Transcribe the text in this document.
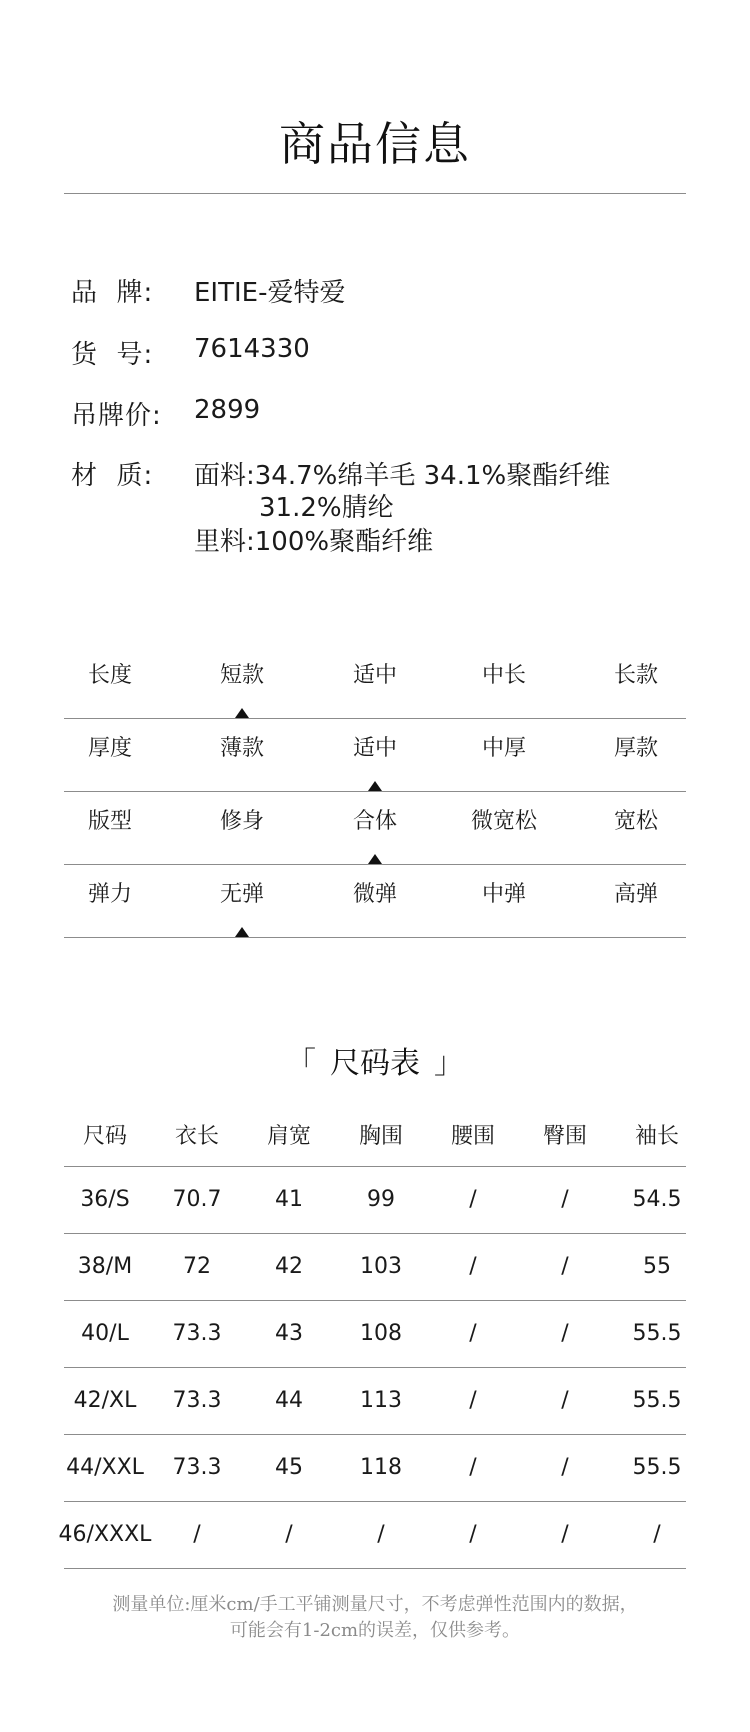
商品信息
品  牌: EITIE-爱特爱
货  号: 7614330
吊牌价: 2899
材  质: 面料:34.7%绵羊毛 34.1%聚酯纤维
31.2%腈纶
里料:100%聚酯纤维
长度	短款	适中	中长	长款
厚度	薄款	适中	中厚	厚款
版型	修身	合体	微宽松	宽松
弹力	无弹	微弹	中弹	高弹
「 尺码表 」
尺码	衣长	肩宽	胸围	腰围	臀围	袖长
36/S	70.7	41	99	/	/	54.5
38/M	72	42	103	/	/	55
40/L	73.3	43	108	/	/	55.5
42/XL	73.3	44	113	/	/	55.5
44/XXL	73.3	45	118	/	/	55.5
46/XXXL	/	/	/	/	/	/
测量单位:厘米cm/手工平铺测量尺寸，不考虑弹性范围内的数据，
可能会有1-2cm的误差，仅供参考。
